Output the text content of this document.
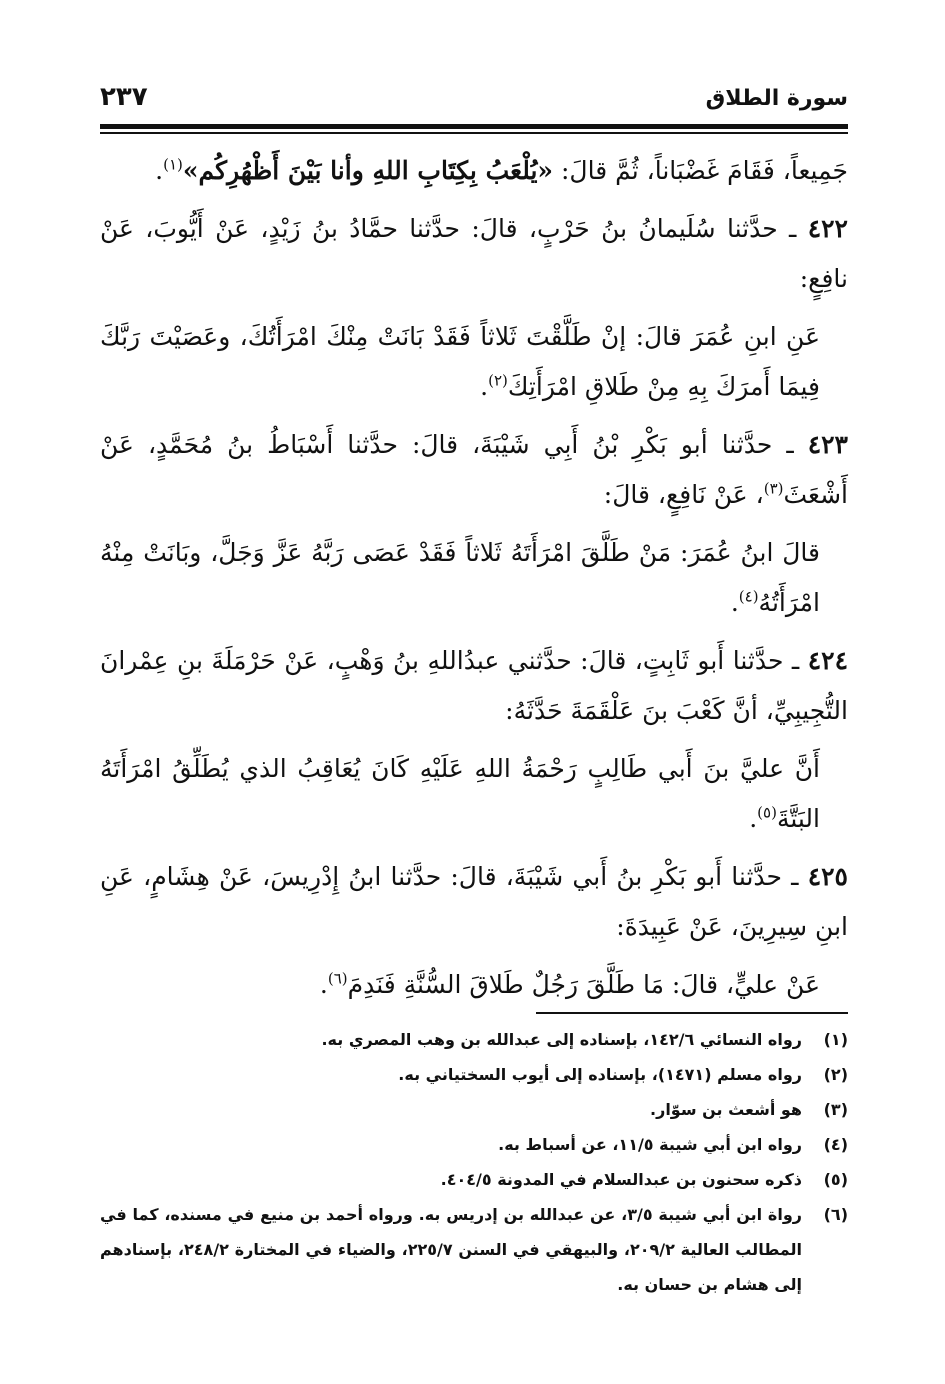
سورة الطلاق
٢٣٧

جَمِيعاً، فَقَامَ غَضْبَاناً، ثُمَّ قالَ: «يُلْعَبُ بِكِتَابِ اللهِ وأنا بَيْنَ أَظْهُرِكُم»$^{(١)}$.

٤٢٢ ـ حدَّثنا سُلَيمانُ بنُ حَرْبٍ، قالَ: حدَّثنا حمَّادُ بنُ زَيْدٍ، عَنْ أَيُّوبَ، عَنْ نافِعٍ:

عَنِ ابنِ عُمَرَ قالَ: إنْ طَلَّقْتَ ثَلاثاً فَقَدْ بَانَتْ مِنْكَ امْرَأَتُكَ، وعَصَيْتَ رَبَّكَ فِيمَا أَمرَكَ بِهِ مِنْ طَلاقِ امْرَأَتِكَ$^{(٢)}$.

٤٢٣ ـ حدَّثنا أبو بَكْرِ بْنُ أَبِي شَيْبَةَ، قالَ: حدَّثنا أَسْبَاطُ بنُ مُحَمَّدٍ، عَنْ أَشْعَثَ$^{(٣)}$، عَنْ نَافِعٍ، قالَ:

قالَ ابنُ عُمَرَ: مَنْ طَلَّقَ امْرَأَتَهُ ثَلاثاً فَقَدْ عَصَى رَبَّهُ عَزَّ وَجَلَّ، وبَانَتْ مِنْهُ امْرَأَتُهُ$^{(٤)}$.

٤٢٤ ـ حدَّثنا أَبو ثَابِتٍ، قالَ: حدَّثني عبدُاللهِ بنُ وَهْبٍ، عَنْ حَرْمَلَةَ بنِ عِمْرانَ التُّجِيبِيِّ، أنَّ كَعْبَ بنَ عَلْقَمَةَ حَدَّثَهُ:

أَنَّ عليَّ بنَ أَبي طَالِبٍ رَحْمَةُ اللهِ عَلَيْهِ كَانَ يُعَاقِبُ الذي يُطَلِّقُ امْرَأَتَهُ البَتَّةَ$^{(٥)}$.

٤٢٥ ـ حدَّثنا أَبو بَكْرِ بنُ أَبي شَيْبَةَ، قالَ: حدَّثنا ابنُ إِدْرِيسَ، عَنْ هِشَامٍ، عَنِ ابنِ سِيرِينَ، عَنْ عَبِيدَةَ:

عَنْ عليٍّ، قالَ: مَا طَلَّقَ رَجُلٌ طَلاقَ السُّنَّةِ فَنَدِمَ$^{(٦)}$.

(١)
رواه النسائي ١٤٢/٦، بإسناده إلى عبدالله بن وهب المصري به.
(٢)
رواه مسلم (١٤٧١)، بإسناده إلى أيوب السختياني به.
(٣)
هو أشعث بن سوّار.
(٤)
رواه ابن أبي شيبة ١١/٥، عن أسباط به.
(٥)
ذكره سحنون بن عبدالسلام في المدونة ٤٠٤/٥.
(٦)
رواة ابن أبي شيبة ٣/٥، عن عبدالله بن إدريس به. ورواه أحمد بن منيع في مسنده، كما في المطالب العالية ٢٠٩/٢، والبيهقي في السنن ٢٢٥/٧، والضياء في المختارة ٢٤٨/٢، بإسنادهم إلى هشام بن حسان به.
